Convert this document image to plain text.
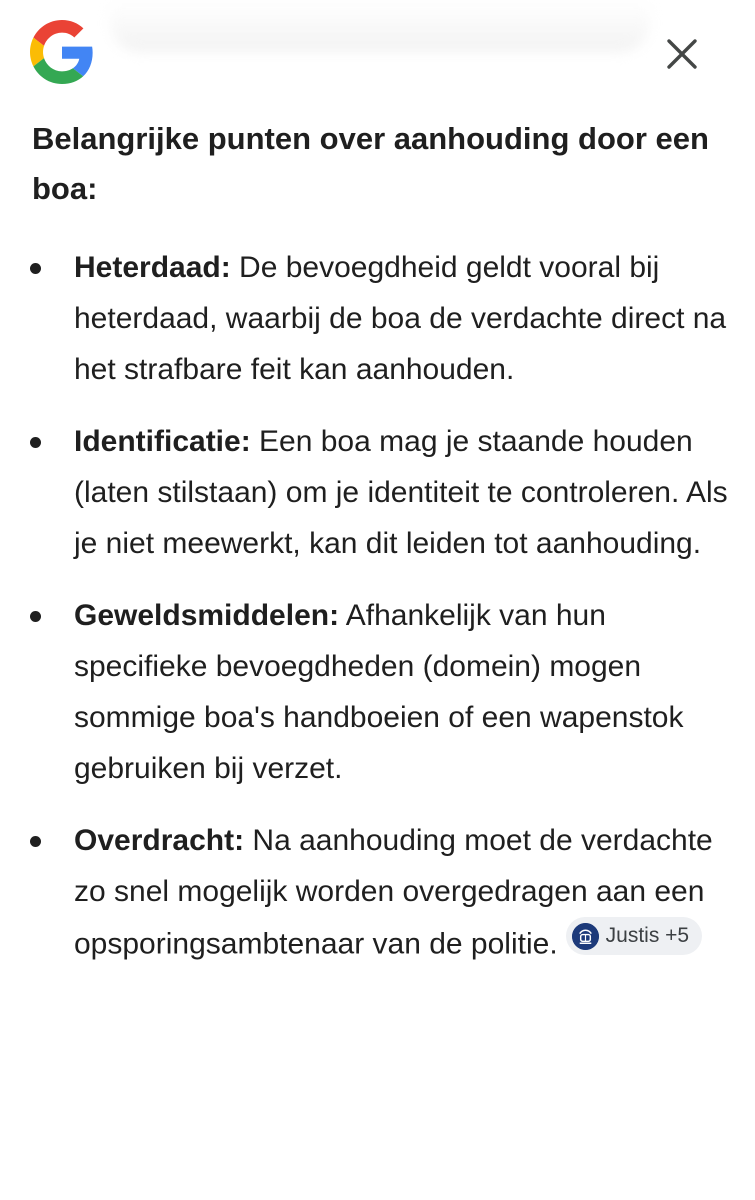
Belangrijke punten over aanhouding door een boa:
Heterdaad: De bevoegdheid geldt vooral bij heterdaad, waarbij de boa de verdachte direct na het strafbare feit kan aanhouden.
Identificatie: Een boa mag je staande houden (laten stilstaan) om je identiteit te controleren. Als je niet meewerkt, kan dit leiden tot aanhouding.
Geweldsmiddelen: Afhankelijk van hun specifieke bevoegdheden (domein) mogen sommige boa's handboeien of een wapenstok gebruiken bij verzet.
Overdracht: Na aanhouding moet de verdachte zo snel mogelijk worden overgedragen aan een opsporingsambtenaar van de politie. Justis +5
